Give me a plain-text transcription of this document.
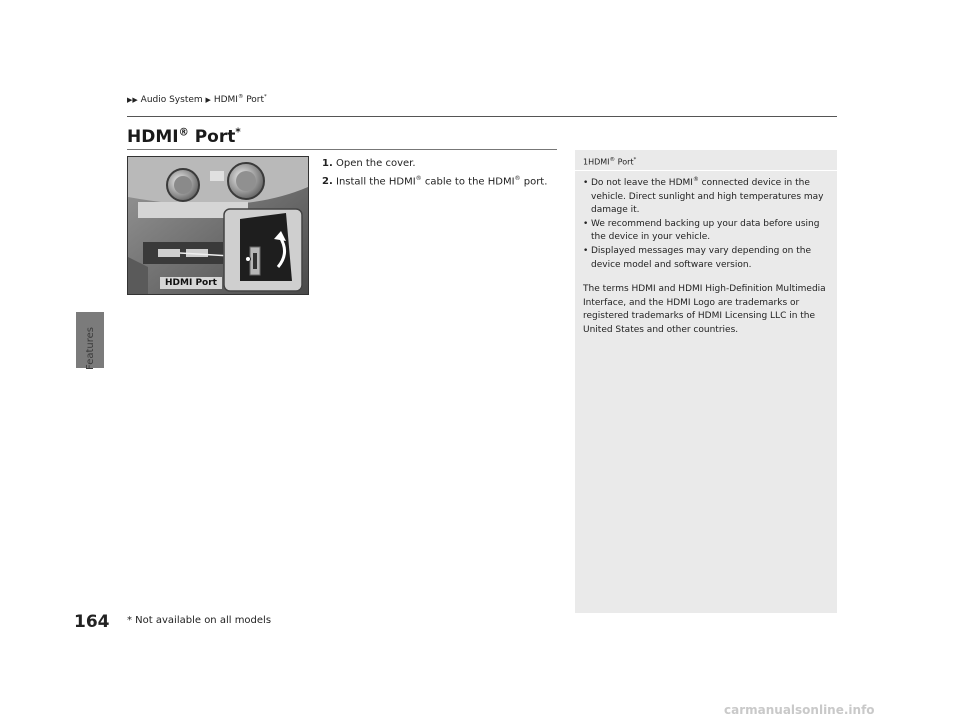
Features
▶▶ Audio System ▶ HDMI® Port*
HDMI® Port*
HDMI Port
1. Open the cover.
2. Install the HDMI® cable to the HDMI® port.
1HDMI® Port*

• Do not leave the HDMI® connected device in the vehicle. Direct sunlight and high temperatures may damage it.

• We recommend backing up your data before using the device in your vehicle.

• Displayed messages may vary depending on the device model and software version.

The terms HDMI and HDMI High-Definition Multimedia Interface, and the HDMI Logo are trademarks or registered trademarks of HDMI Licensing LLC in the United States and other countries.

164 * Not available on all models
carmanualsonline.info
